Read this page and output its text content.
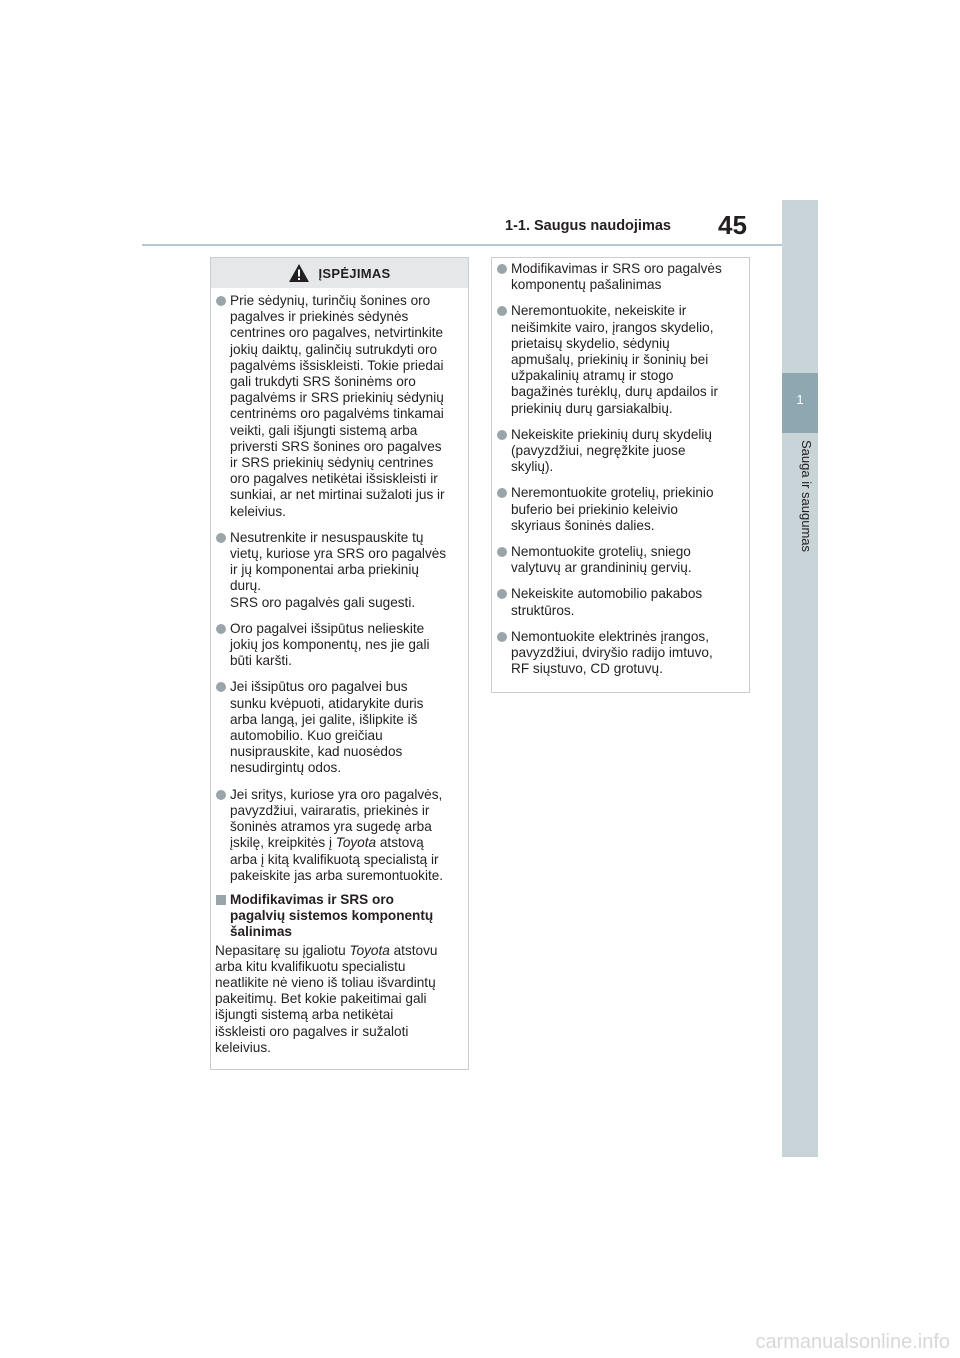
1-1. Saugus naudojimas 45
1
Sauga ir saugumas
ĮSPĖJIMAS
Prie sėdynių, turinčių šonines oro
pagalves ir priekinės sėdynės
centrines oro pagalves, netvirtinkite
jokių daiktų, galinčių sutrukdyti oro
pagalvėms išsiskleisti. Tokie priedai
gali trukdyti SRS šoninėms oro
pagalvėms ir SRS priekinių sėdynių
centrinėms oro pagalvėms tinkamai
veikti, gali išjungti sistemą arba
priversti SRS šonines oro pagalves
ir SRS priekinių sėdynių centrines
oro pagalves netikėtai išsiskleisti ir
sunkiai, ar net mirtinai sužaloti jus ir
keleivius.
Nesutrenkite ir nesuspauskite tų
vietų, kuriose yra SRS oro pagalvės
ir jų komponentai arba priekinių
durų.
SRS oro pagalvės gali sugesti.
Oro pagalvei išsipūtus nelieskite
jokių jos komponentų, nes jie gali
būti karšti.
Jei išsipūtus oro pagalvei bus
sunku kvėpuoti, atidarykite duris
arba langą, jei galite, išlipkite iš
automobilio. Kuo greičiau
nusiprauskite, kad nuosėdos
nesudirgintų odos.
Jei sritys, kuriose yra oro pagalvės,
pavyzdžiui, vairaratis, priekinės ir
šoninės atramos yra sugedę arba
įskilę, kreipkitės į Toyota atstovą
arba į kitą kvalifikuotą specialistą ir
pakeiskite jas arba suremontuokite.
Modifikavimas ir SRS oro
pagalvių sistemos komponentų
šalinimas
Nepasitarę su įgaliotu Toyota atstovu
arba kitu kvalifikuotu specialistu
neatlikite nė vieno iš toliau išvardintų
pakeitimų. Bet kokie pakeitimai gali
išjungti sistemą arba netikėtai
išskleisti oro pagalves ir sužaloti
keleivius.
Modifikavimas ir SRS oro pagalvės
komponentų pašalinimas
Neremontuokite, nekeiskite ir
neišimkite vairo, įrangos skydelio,
prietaisų skydelio, sėdynių
apmušalų, priekinių ir šoninių bei
užpakalinių atramų ir stogo
bagažinės turėklų, durų apdailos ir
priekinių durų garsiakalbių.
Nekeiskite priekinių durų skydelių
(pavyzdžiui, negręžkite juose
skylių).
Neremontuokite grotelių, priekinio
buferio bei priekinio keleivio
skyriaus šoninės dalies.
Nemontuokite grotelių, sniego
valytuvų ar grandininių gervių.
Nekeiskite automobilio pakabos
struktūros.
Nemontuokite elektrinės įrangos,
pavyzdžiui, dviryšio radijo imtuvo,
RF siųstuvo, CD grotuvų.
carmanualsonline.info
